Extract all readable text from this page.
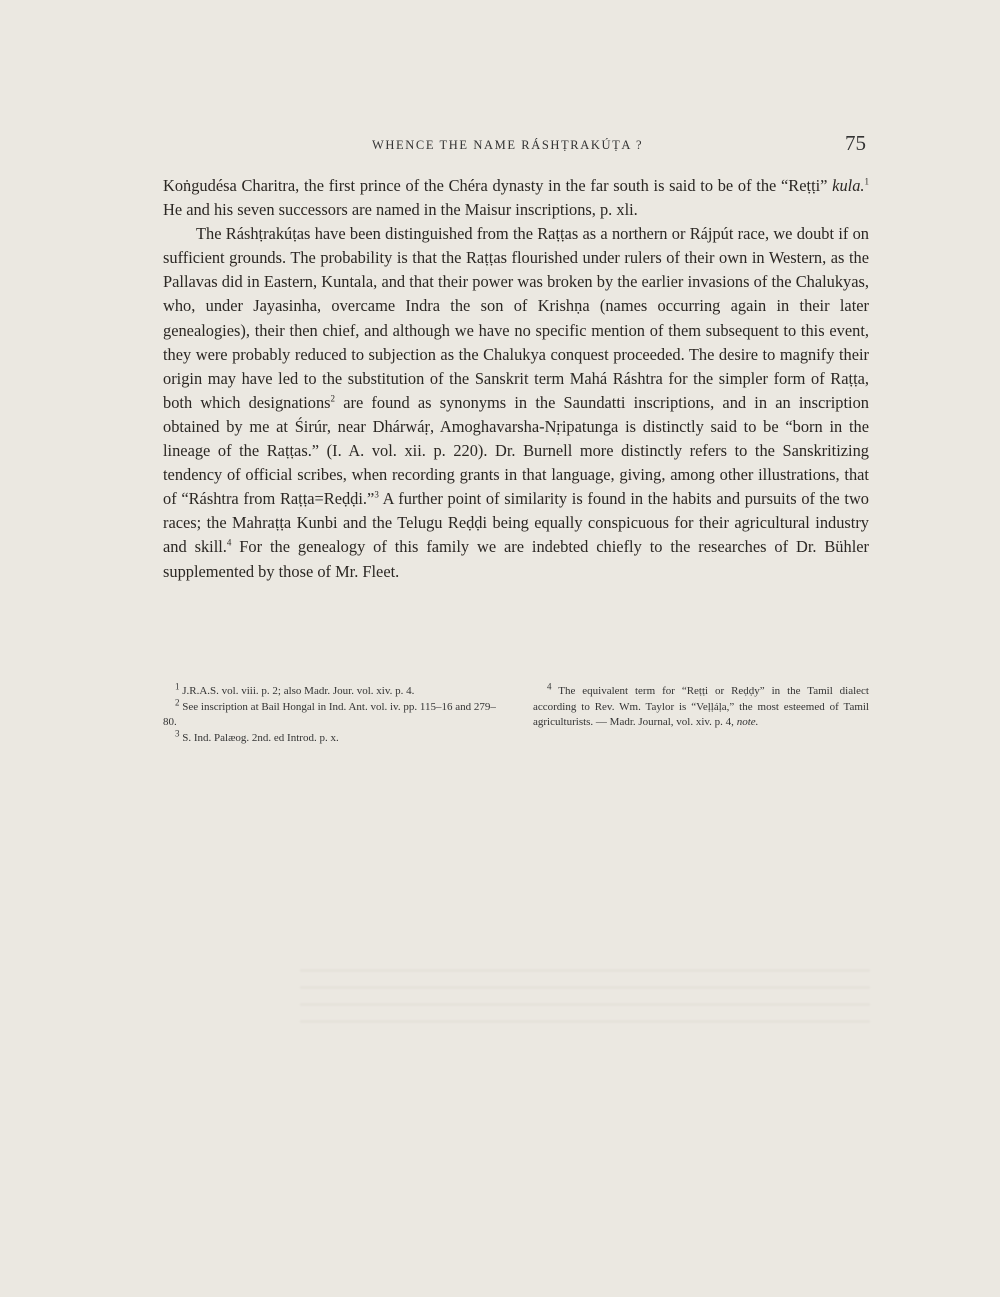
WHENCE THE NAME RÁSHṬRAKÚṬA ?	75

Koṅgudésa Charitra, the first prince of the Chéra dynasty in the far south is said to be of the “Reṭṭi” kula.$^1$ He and his seven successors are named in the Maisur inscriptions, p. xli.

The Ráshṭrakúṭas have been distinguished from the Raṭṭas as a northern or Rájpút race, we doubt if on sufficient grounds. The probability is that the Raṭṭas flourished under rulers of their own in Western, as the Pallavas did in Eastern, Kuntala, and that their power was broken by the earlier invasions of the Chalukyas, who, under Jayasinha, overcame Indra the son of Krishṇa (names occurring again in their later genealogies), their then chief, and although we have no specific mention of them subsequent to this event, they were probably reduced to subjection as the Chalukya conquest proceeded. The desire to magnify their origin may have led to the substitution of the Sanskrit term Mahá Ráshtra for the simpler form of Raṭṭa, both which designations$^2$ are found as synonyms in the Saundatti inscriptions, and in an inscription obtained by me at Śirúr, near Dhárwáṛ, Amoghavarsha-Nṛipatunga is distinctly said to be “born in the lineage of the Raṭṭas.” (I. A. vol. xii. p. 220). Dr. Burnell more distinctly refers to the Sanskritizing tendency of official scribes, when recording grants in that language, giving, among other illustrations, that of “Ráshtra from Raṭṭa=Reḍḍi.”$^3$ A further point of similarity is found in the habits and pursuits of the two races; the Mahraṭṭa Kunbi and the Telugu Reḍḍi being equally conspicuous for their agricultural industry and skill.$^4$ For the genealogy of this family we are indebted chiefly to the researches of Dr. Bühler supplemented by those of Mr. Fleet.

$^1$ J.R.A.S. vol. viii. p. 2; also Madr. Jour. vol. xiv. p. 4.

$^2$ See inscription at Bail Hongal in Ind. Ant. vol. iv. pp. 115–16 and 279–80.

$^3$ S. Ind. Palæog. 2nd. ed Introd. p. x.

$^4$ The equivalent term for “Reṭṭi or Reḍḍy” in the Tamil dialect according to Rev. Wm. Taylor is “Veḷḷáḷa,” the most esteemed of Tamil agriculturists. — Madr. Journal, vol. xiv. p. 4, note.
